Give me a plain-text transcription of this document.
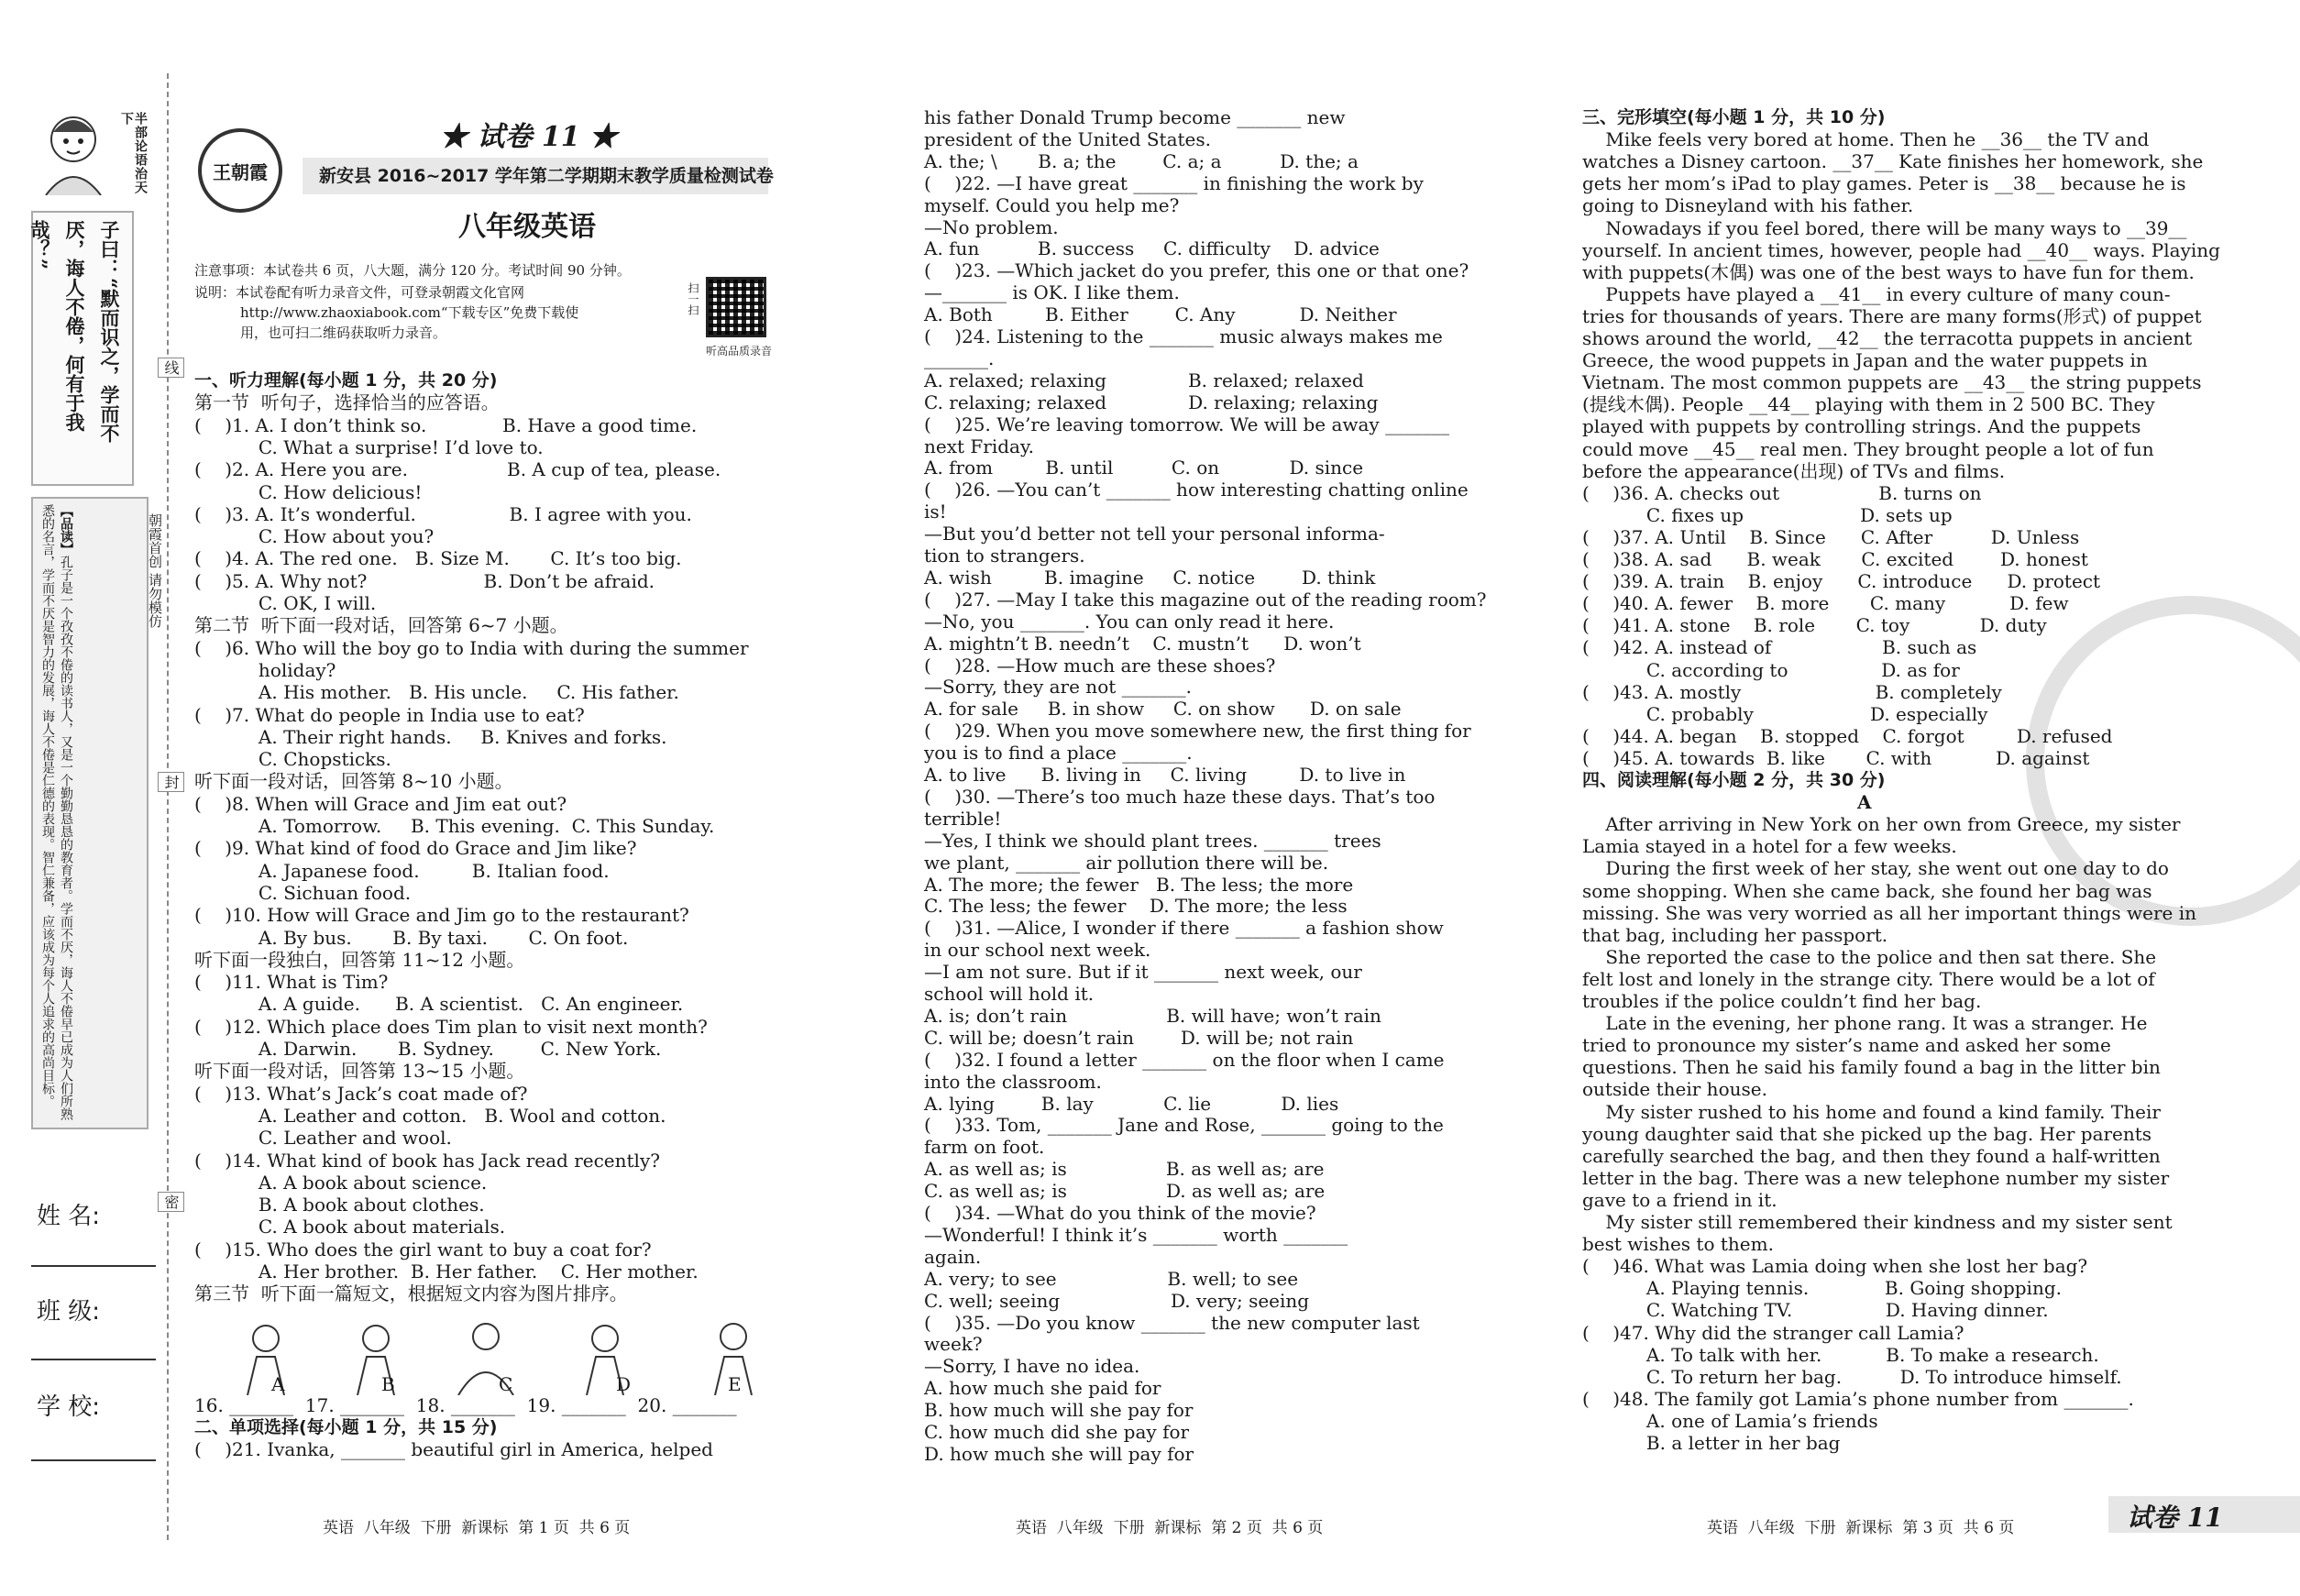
半部论语治天下
子曰：“默而识之，学而不厌，诲人不倦，何有于我哉？”
【品读】孔子是一个孜孜不倦的读书人，又是一个勤勤恳恳的教育者。学而不厌，诲人不倦早已成为人们所熟悉的名言，学而不厌是智力的发展，诲人不倦是仁德的表现。智仁兼备，应该成为每个人追求的高尚目标。
姓 名:
班 级:
学 校:
线
封
密
朝霞首创 请勿模仿
王朝霞
★ 试卷 11 ★
新安县 2016~2017 学年第二学期期末教学质量检测试卷
八年级英语
注意事项：本试卷共 6 页，八大题，满分 120 分。考试时间 90 分钟。
说明：本试卷配有听力录音文件，可登录朝霞文化官网
http://www.zhaoxiabook.com“下载专区”免费下载使
用，也可扫二维码获取听力录音。
扫一扫
听高品质录音
一、听力理解(每小题 1 分，共 20 分)
第一节  听句子，选择恰当的应答语。
(    )1. A. I don’t think so.             B. Have a good time.
C. What a surprise! I’d love to.
(    )2. A. Here you are.                 B. A cup of tea, please.
C. How delicious!
(    )3. A. It’s wonderful.                B. I agree with you.
C. How about you?
(    )4. A. The red one.   B. Size M.       C. It’s too big.
(    )5. A. Why not?                    B. Don’t be afraid.
C. OK, I will.
第二节  听下面一段对话，回答第 6~7 小题。
(    )6. Who will the boy go to India with during the summer
holiday?
A. His mother.   B. His uncle.     C. His father.
(    )7. What do people in India use to eat?
A. Their right hands.     B. Knives and forks.
C. Chopsticks.
听下面一段对话，回答第 8~10 小题。
(    )8. When will Grace and Jim eat out?
A. Tomorrow.     B. This evening.  C. This Sunday.
(    )9. What kind of food do Grace and Jim like?
A. Japanese food.         B. Italian food.
C. Sichuan food.
(    )10. How will Grace and Jim go to the restaurant?
A. By bus.       B. By taxi.       C. On foot.
听下面一段独白，回答第 11~12 小题。
(    )11. What is Tim?
A. A guide.      B. A scientist.   C. An engineer.
(    )12. Which place does Tim plan to visit next month?
A. Darwin.       B. Sydney.        C. New York.
听下面一段对话，回答第 13~15 小题。
(    )13. What’s Jack’s coat made of?
A. Leather and cotton.   B. Wool and cotton.
C. Leather and wool.
(    )14. What kind of book has Jack read recently?
A. A book about science.
B. A book about clothes.
C. A book about materials.
(    )15. Who does the girl want to buy a coat for?
A. Her brother.  B. Her father.    C. Her mother.
第三节  听下面一篇短文，根据短文内容为图片排序。
A	B	C	D	E
16. _______  17. _______  18. _______  19. _______  20. _______
二、单项选择(每小题 1 分，共 15 分)
(    )21. Ivanka, _______ beautiful girl in America, helped
his father Donald Trump become _______ new
president of the United States.
A. the; \       B. a; the        C. a; a          D. the; a
(    )22. —I have great _______ in finishing the work by
myself. Could you help me?
—No problem.
A. fun          B. success     C. difficulty    D. advice
(    )23. —Which jacket do you prefer, this one or that one?
—_______ is OK. I like them.
A. Both         B. Either        C. Any           D. Neither
(    )24. Listening to the _______ music always makes me
_______.
A. relaxed; relaxing              B. relaxed; relaxed
C. relaxing; relaxed              D. relaxing; relaxing
(    )25. We’re leaving tomorrow. We will be away _______
next Friday.
A. from         B. until          C. on            D. since
(    )26. —You can’t _______ how interesting chatting online
is!
—But you’d better not tell your personal informa-
tion to strangers.
A. wish         B. imagine     C. notice        D. think
(    )27. —May I take this magazine out of the reading room?
—No, you _______. You can only read it here.
A. mightn’t B. needn’t    C. mustn’t      D. won’t
(    )28. —How much are these shoes?
—Sorry, they are not _______.
A. for sale     B. in show     C. on show      D. on sale
(    )29. When you move somewhere new, the first thing for
you is to find a place _______.
A. to live      B. living in     C. living         D. to live in
(    )30. —There’s too much haze these days. That’s too
terrible!
—Yes, I think we should plant trees. _______ trees
we plant, _______ air pollution there will be.
A. The more; the fewer   B. The less; the more
C. The less; the fewer    D. The more; the less
(    )31. —Alice, I wonder if there _______ a fashion show
in our school next week.
—I am not sure. But if it _______ next week, our
school will hold it.
A. is; don’t rain                 B. will have; won’t rain
C. will be; doesn’t rain        D. will be; not rain
(    )32. I found a letter _______ on the floor when I came
into the classroom.
A. lying        B. lay            C. lie            D. lies
(    )33. Tom, _______ Jane and Rose, _______ going to the
farm on foot.
A. as well as; is                 B. as well as; are
C. as well as; is                 D. as well as; are
(    )34. —What do you think of the movie?
—Wonderful! I think it’s _______ worth _______
again.
A. very; to see                   B. well; to see
C. well; seeing                   D. very; seeing
(    )35. —Do you know _______ the new computer last
week?
—Sorry, I have no idea.
A. how much she paid for
B. how much will she pay for
C. how much did she pay for
D. how much she will pay for
三、完形填空(每小题 1 分，共 10 分)
Mike feels very bored at home. Then he __36__ the TV and
watches a Disney cartoon. __37__ Kate finishes her homework, she
gets her mom’s iPad to play games. Peter is __38__ because he is
going to Disneyland with his father.
Nowadays if you feel bored, there will be many ways to __39__
yourself. In ancient times, however, people had __40__ ways. Playing
with puppets(木偶) was one of the best ways to have fun for them.
Puppets have played a __41__ in every culture of many coun-
tries for thousands of years. There are many forms(形式) of puppet
shows around the world, __42__ the terracotta puppets in ancient
Greece, the wood puppets in Japan and the water puppets in
Vietnam. The most common puppets are __43__ the string puppets
(提线木偶). People __44__ playing with them in 2 500 BC. They
played with puppets by controlling strings. And the puppets
could move __45__ real men. They brought people a lot of fun
before the appearance(出现) of TVs and films.
(    )36. A. checks out                 B. turns on
C. fixes up                    D. sets up
(    )37. A. Until    B. Since      C. After          D. Unless
(    )38. A. sad      B. weak       C. excited        D. honest
(    )39. A. train    B. enjoy      C. introduce      D. protect
(    )40. A. fewer    B. more       C. many           D. few
(    )41. A. stone    B. role       C. toy            D. duty
(    )42. A. instead of                   B. such as
C. according to                D. as for
(    )43. A. mostly                       B. completely
C. probably                    D. especially
(    )44. A. began    B. stopped    C. forgot         D. refused
(    )45. A. towards  B. like       C. with           D. against
四、阅读理解(每小题 2 分，共 30 分)
A
After arriving in New York on her own from Greece, my sister
Lamia stayed in a hotel for a few weeks.
During the first week of her stay, she went out one day to do
some shopping. When she came back, she found her bag was
missing. She was very worried as all her important things were in
that bag, including her passport.
She reported the case to the police and then sat there. She
felt lost and lonely in the strange city. There would be a lot of
troubles if the police couldn’t find her bag.
Late in the evening, her phone rang. It was a stranger. He
tried to pronounce my sister’s name and asked her some
questions. Then he said his family found a bag in the litter bin
outside their house.
My sister rushed to his home and found a kind family. Their
young daughter said that she picked up the bag. Her parents
carefully searched the bag, and then they found a half-written
letter in the bag. There was a new telephone number my sister
gave to a friend in it.
My sister still remembered their kindness and my sister sent
best wishes to them.
(    )46. What was Lamia doing when she lost her bag?
A. Playing tennis.             B. Going shopping.
C. Watching TV.                D. Having dinner.
(    )47. Why did the stranger call Lamia?
A. To talk with her.           B. To make a research.
C. To return her bag.          D. To introduce himself.
(    )48. The family got Lamia’s phone number from _______.
A. one of Lamia’s friends
B. a letter in her bag
英语  八年级  下册  新课标  第 1 页  共 6 页	英语  八年级  下册  新课标  第 2 页  共 6 页	英语  八年级  下册  新课标  第 3 页  共 6 页	试卷 11
